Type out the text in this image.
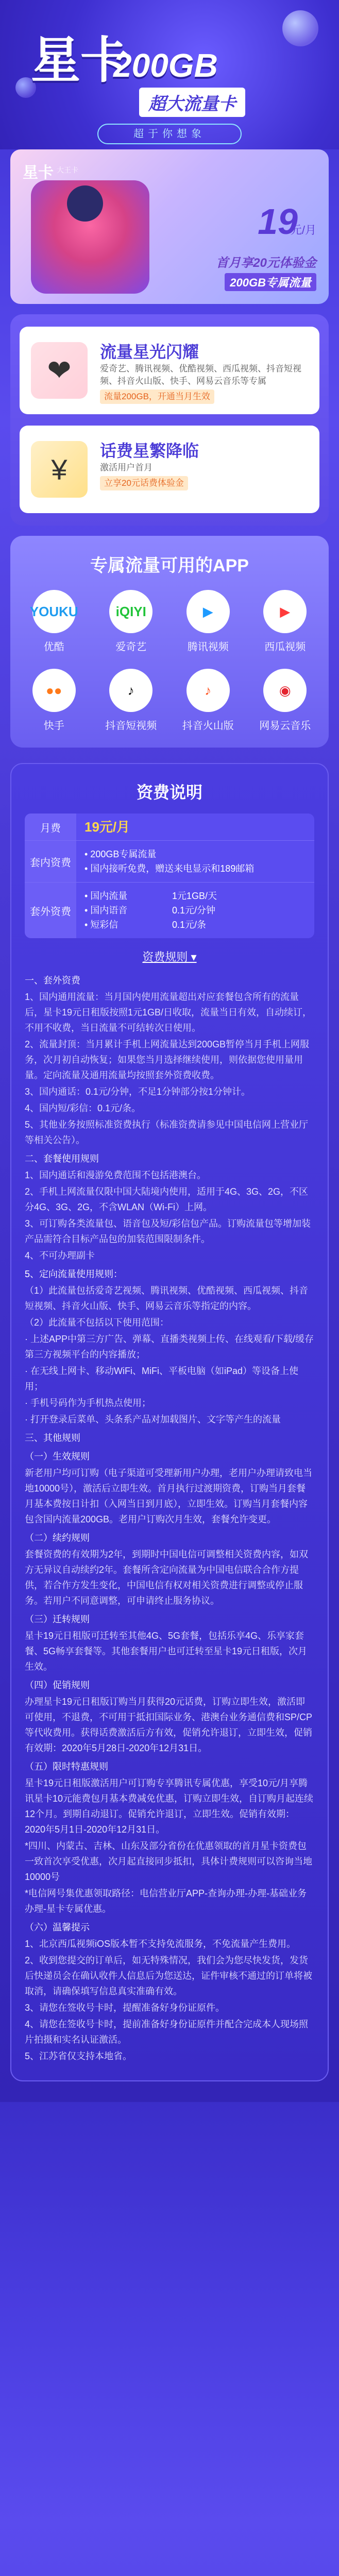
星卡
200GB
超大流量卡
超于你想象
星卡 大王卡
19
元/月
首月享20元体验金
200GB专属流量
❤
流量星光闪耀
爱奇艺、腾讯视频、优酷视频、西瓜视频、抖音短视频、抖音火山版、快手、网易云音乐等专属
流量200GB，开通当月生效
¥
话费星繁降临
激活用户首月
立享20元话费体验金
专属流量可用的APP
YOUKU
优酷
iQIYI
爱奇艺
▶
腾讯视频
▶
西瓜视频
●●
快手
♪
抖音短视频
♪
抖音火山版
◉
网易云音乐
资费说明
月费	19元/月
套内资费
• 200GB专属流量
• 国内接听免费，赠送来电显示和189邮箱
套外资费
• 国内流量	1元1GB/天
• 国内语音	0.1元/分钟
• 短彩信	0.1元/条
资费规则 ▾

一、套外资费

1、国内通用流量：当月国内使用流量超出对应套餐包含所有的流量后，星卡19元日租版按照1元1GB/日收取，流量当日有效，自动续订，不用不收费，当日流量不可结转次日使用。

2、流量封顶：当月累计手机上网流量达到200GB暂停当月手机上网服务，次月初自动恢复；如果您当月选择继续使用，则依据您使用量用量。定向流量及通用流量均按照套外资费收费。

3、国内通话：0.1元/分钟，不足1分钟部分按1分钟计。

4、国内短/彩信：0.1元/条。

5、其他业务按照标准资费执行（标准资费请参见中国电信网上营业厅等相关公告）。

二、套餐使用规则

1、国内通话和漫游免费范围不包括港澳台。

2、手机上网流量仅限中国大陆境内使用，适用于4G、3G、2G，不区分4G、3G、2G，不含WLAN（Wi-Fi）上网。

3、可订购各类流量包、语音包及短/彩信包产品。订购流量包等增加装产品需符合目标产品包的加装范围限制条件。

4、不可办理副卡

5、定向流量使用规则：

（1）此流量包括爱奇艺视频、腾讯视频、优酷视频、西瓜视频、抖音短视频、抖音火山版、快手、网易云音乐等指定的内容。

（2）此流量不包括以下使用范围：

· 上述APP中第三方广告、弹幕、直播类视频上传、在线观看/下载/缓存第三方视频平台的内容播放；

· 在无线上网卡、移动WiFi、MiFi、平板电脑（如iPad）等设备上使用；

· 手机号码作为手机热点使用；

· 打开登录后菜单、头条系产品对加载图片、文字等产生的流量

三、其他规则

（一）生效规则

新老用户均可订购（电子渠道可受理新用户办理，老用户办理请致电当地10000号），激活后立即生效。首月执行过渡期资费，订购当月套餐月基本费按日计扣（入网当日到月底），立即生效。订购当月套餐内容包含国内流量200GB。老用户订购次月生效，套餐允许变更。

（二）续约规则

套餐资费的有效期为2年，到期时中国电信可调整相关资费内容，如双方无异议自动续约2年。套餐所含定向流量为中国电信联合合作方提供，若合作方发生变化，中国电信有权对相关资费进行调整或停止服务。若用户不同意调整，可申请终止服务协议。

（三）迁转规则

星卡19元日租版可迁转至其他4G、5G套餐，包括乐享4G、乐享家套餐、5G畅享套餐等。其他套餐用户也可迁转至星卡19元日租版，次月生效。

（四）促销规则

办理星卡19元日租版订购当月获得20元话费，订购立即生效，激活即可使用，不退费，不可用于抵扣国际业务、港澳台业务通信费和SP/CP等代收费用。获得话费激活后方有效，促销允许退订，立即生效，促销有效期：2020年5月28日-2020年12月31日。

（五）限时特惠规则

星卡19元日租版激活用户可订购专享腾讯专属优惠，享受10元/月享腾讯星卡10元能费包月基本费减免优惠，订购立即生效，自订购月起连续12个月。到期自动退订。促销允许退订，立即生效。促销有效期：2020年5月1日-2020年12月31日。

*四川、内蒙古、吉林、山东及部分省份在优惠领取的首月星卡资费包一致首次享受优惠，次月起直接同步抵扣，具体计费规则可以咨询当地10000号

*电信网号集优惠领取路径：电信营业厅APP-查询办理-办理-基础业务办理-星卡专属优惠。

（六）温馨提示

1、北京西瓜视频iOS版本暂不支持免流服务，不免流量产生费用。

2、收到您提交的订单后，如无特殊情况，我们会为您尽快发货，发货后快递员会在确认收件人信息后为您送达，证件审核不通过的订单将被取消，请确保填写信息真实准确有效。

3、请您在签收号卡时，提醒准备好身份证原件。

4、请您在签收号卡时，提前准备好身份证原件并配合完成本人现场照片拍摄和实名认证激活。

5、江苏省仅支持本地省。
